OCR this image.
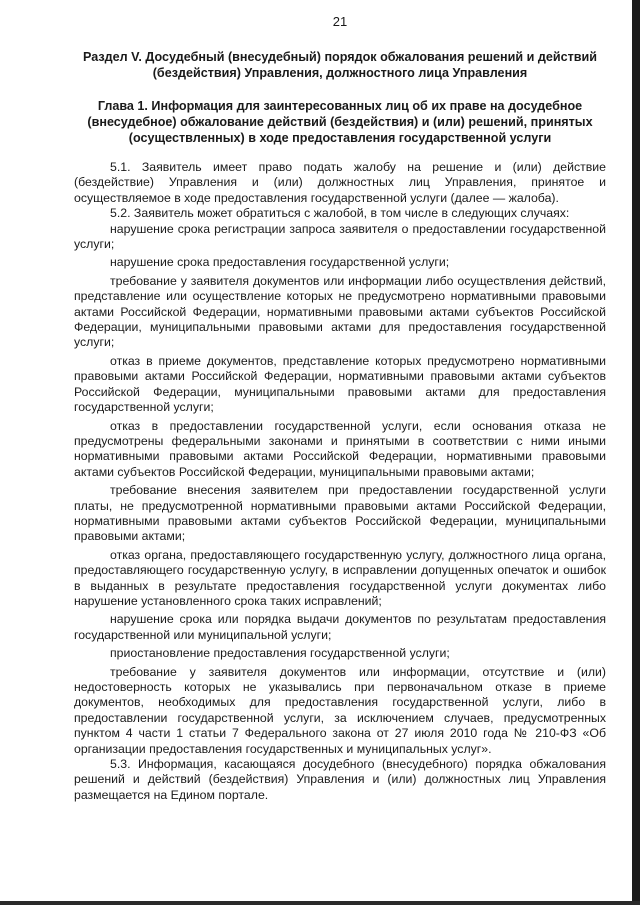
21
Раздел V. Досудебный (внесудебный) порядок обжалования решений и действий (бездействия) Управления, должностного лица Управления
Глава 1. Информация для заинтересованных лиц об их праве на досудебное (внесудебное) обжалование действий (бездействия) и (или) решений, принятых (осуществленных) в ходе предоставления государственной услуги

5.1. Заявитель имеет право подать жалобу на решение и (или) действие (бездействие) Управления и (или) должностных лиц Управления, принятое и осуществляемое в ходе предоставления государственной услуги (далее — жалоба).

5.2. Заявитель может обратиться с жалобой, в том числе в следующих случаях:

нарушение срока регистрации запроса заявителя о предоставлении государственной услуги;

нарушение срока предоставления государственной услуги;

требование у заявителя документов или информации либо осуществления действий, представление или осуществление которых не предусмотрено нормативными правовыми актами Российской Федерации, нормативными правовыми актами субъектов Российской Федерации, муниципальными правовыми актами для предоставления государственной услуги;

отказ в приеме документов, представление которых предусмотрено нормативными правовыми актами Российской Федерации, нормативными правовыми актами субъектов Российской Федерации, муниципальными правовыми актами для предоставления государственной услуги;

отказ в предоставлении государственной услуги, если основания отказа не предусмотрены федеральными законами и принятыми в соответствии с ними иными нормативными правовыми актами Российской Федерации, нормативными правовыми актами субъектов Российской Федерации, муниципальными правовыми актами;

требование внесения заявителем при предоставлении государственной услуги платы, не предусмотренной нормативными правовыми актами Российской Федерации, нормативными правовыми актами субъектов Российской Федерации, муниципальными правовыми актами;

отказ органа, предоставляющего государственную услугу, должностного лица органа, предоставляющего государственную услугу, в исправлении допущенных опечаток и ошибок в выданных в результате предоставления государственной услуги документах либо нарушение установленного срока таких исправлений;

нарушение срока или порядка выдачи документов по результатам предоставления государственной или муниципальной услуги;

приостановление предоставления государственной услуги;

требование у заявителя документов или информации, отсутствие и (или) недостоверность которых не указывались при первоначальном отказе в приеме документов, необходимых для предоставления государственной услуги, либо в предоставлении государственной услуги, за исключением случаев, предусмотренных пунктом 4 части 1 статьи 7 Федерального закона от 27 июля 2010 года № 210-ФЗ «Об организации предоставления государственных и муниципальных услуг».

5.3. Информация, касающаяся досудебного (внесудебного) порядка обжалования решений и действий (бездействия) Управления и (или) должностных лиц Управления размещается на Едином портале.
